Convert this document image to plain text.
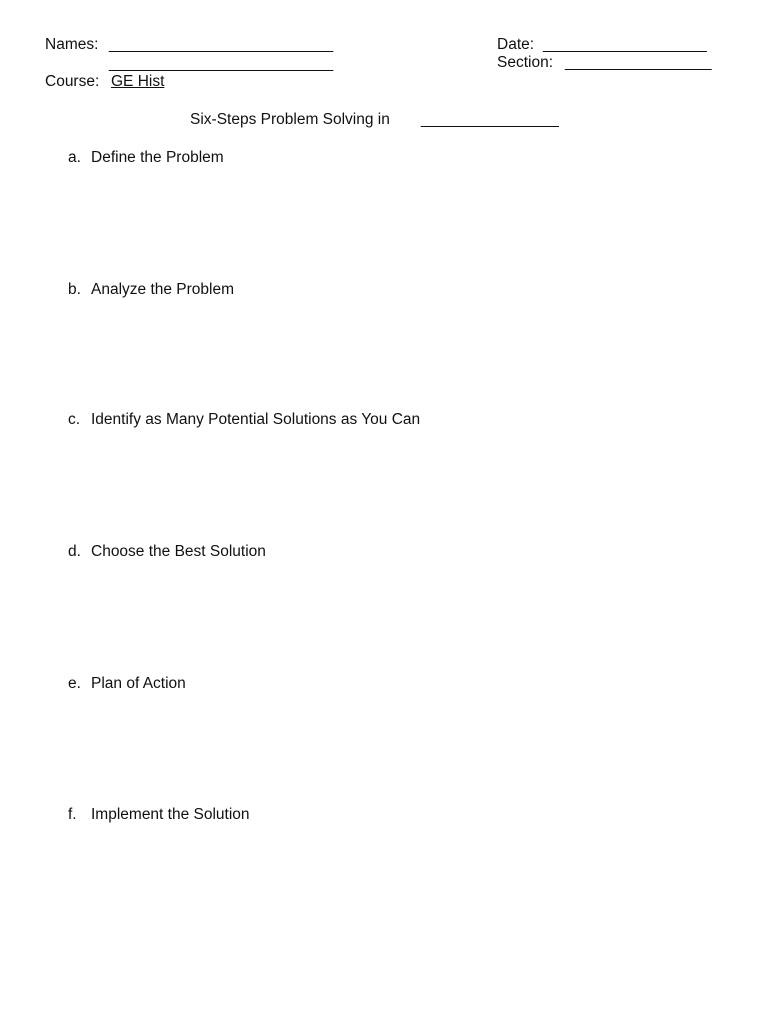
Names: __________________________
__________________________
Course: GE Hist
Date: ___________________
Section: _________________
Six-Steps Problem Solving in ________________
a. Define the Problem
b. Analyze the Problem
c. Identify as Many Potential Solutions as You Can
d. Choose the Best Solution
e. Plan of Action
f. Implement the Solution
